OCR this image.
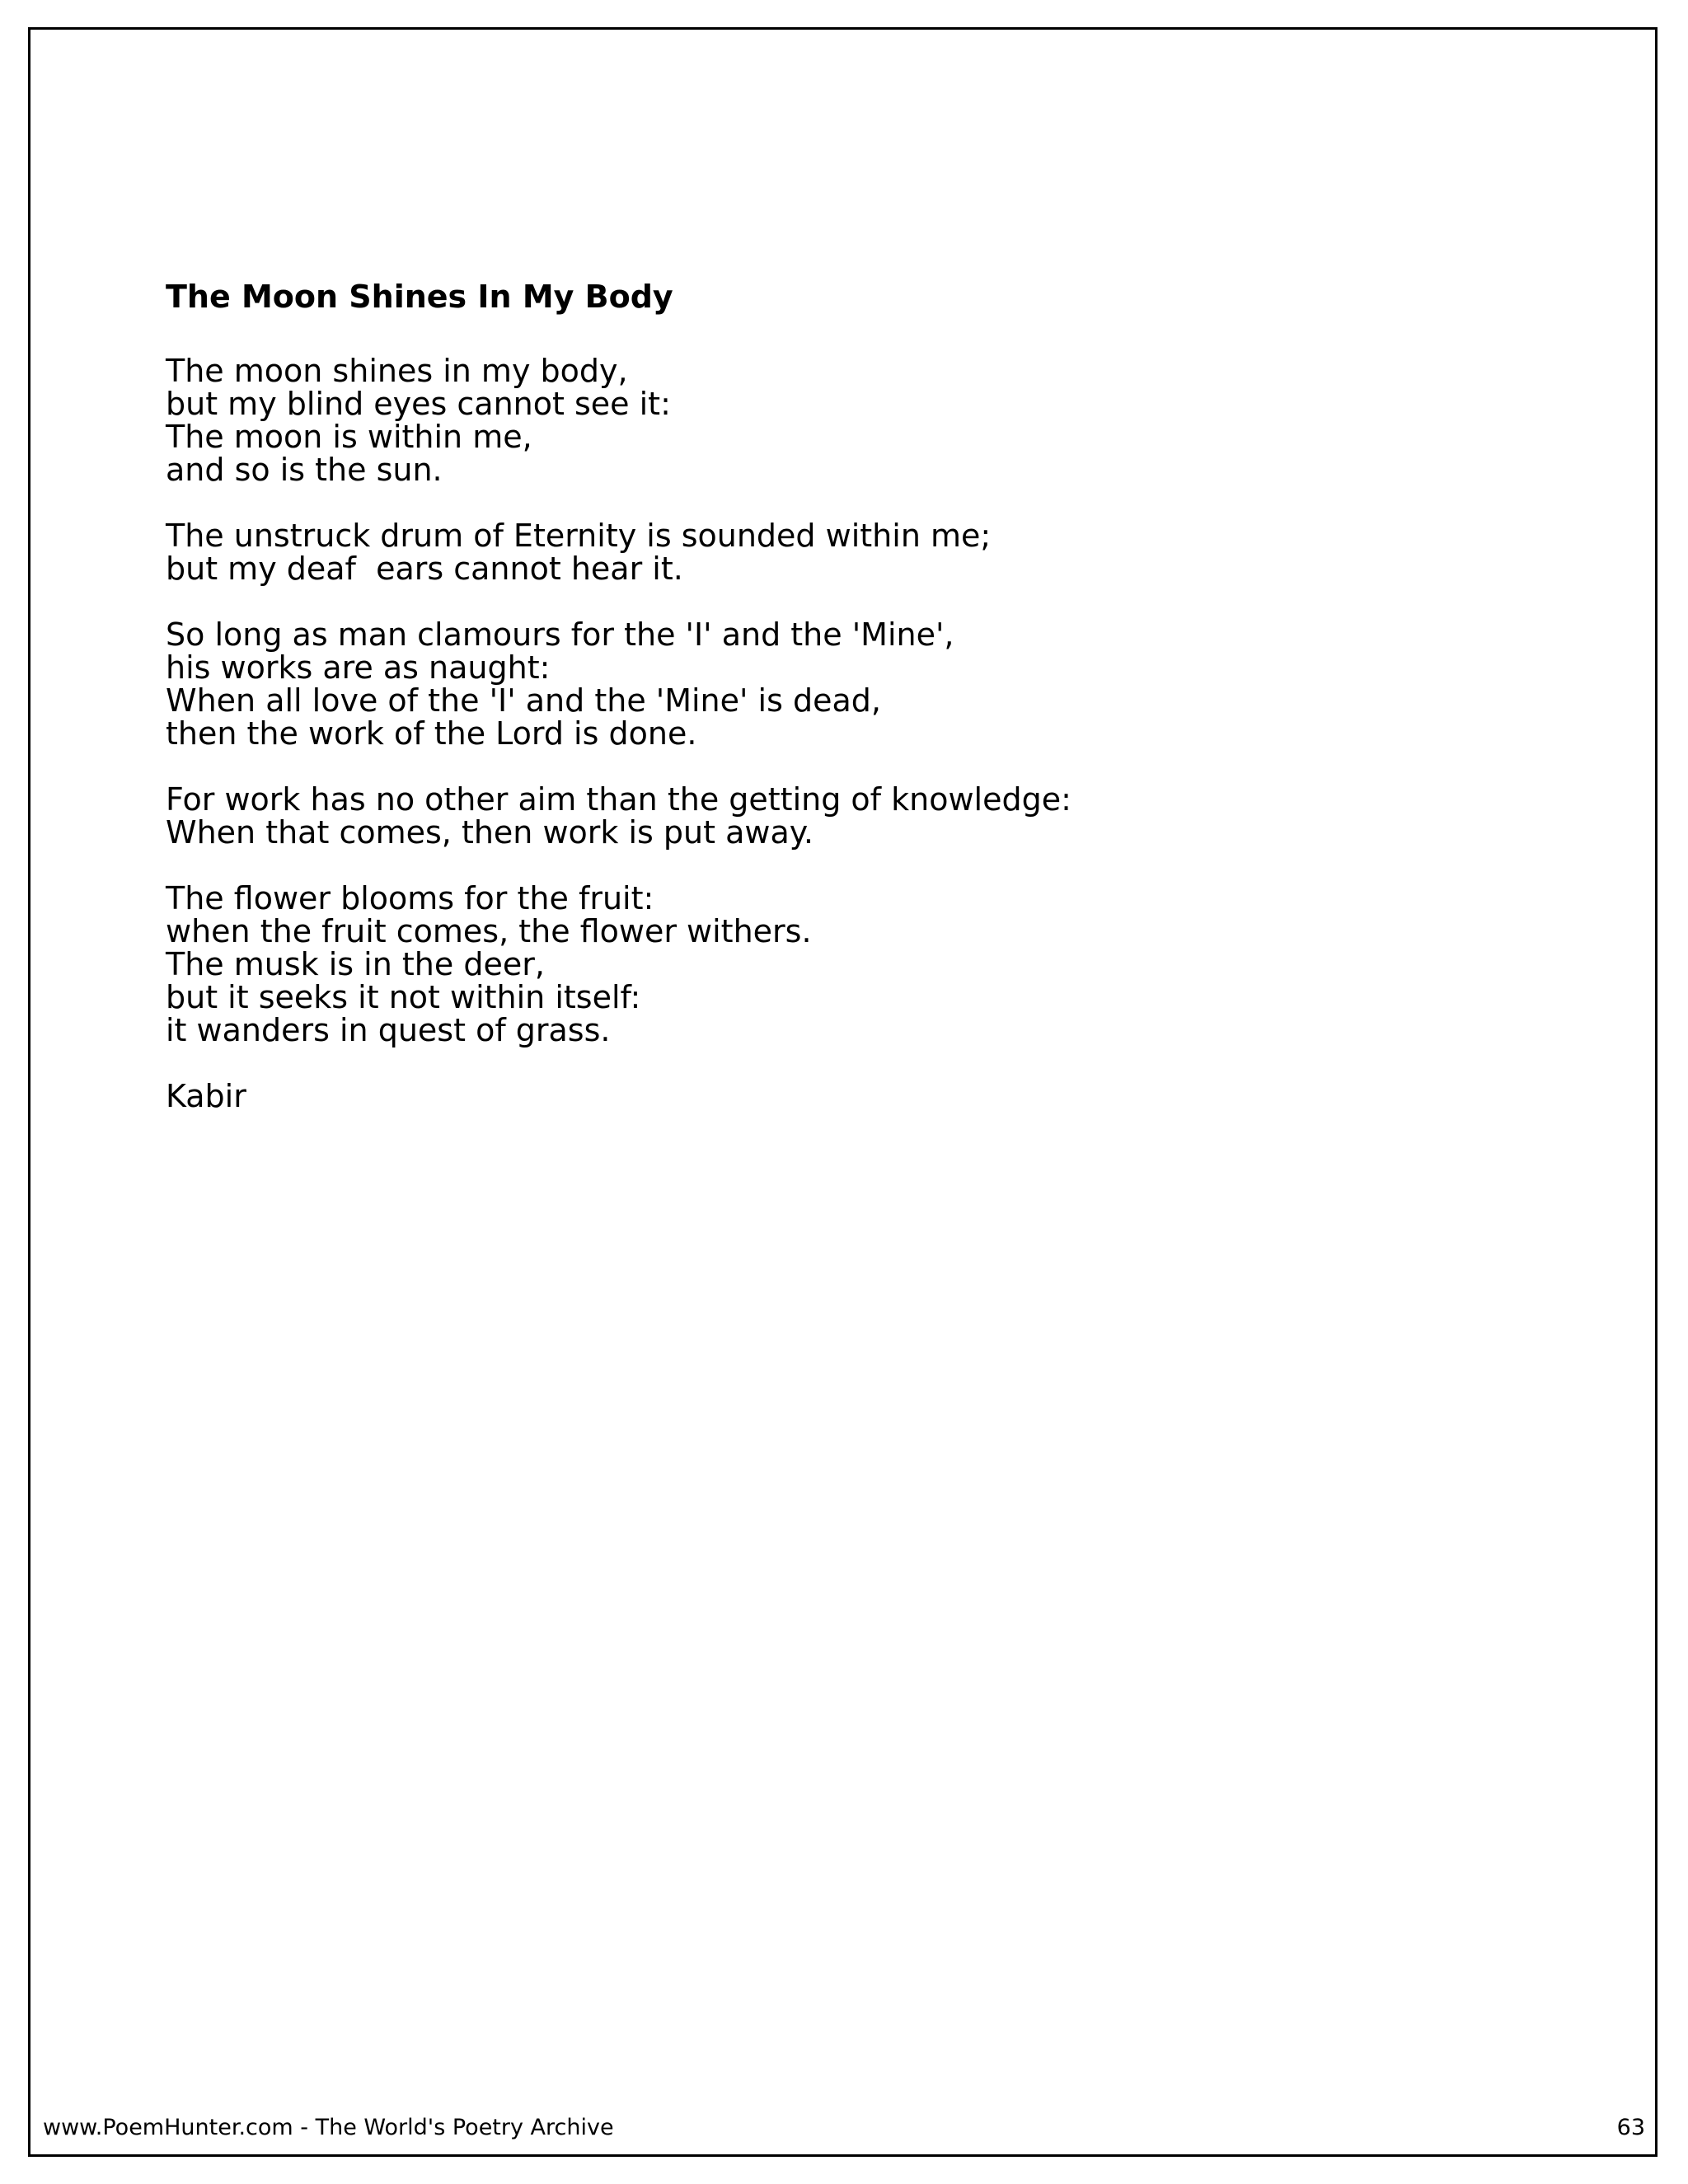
The Moon Shines In My Body
The moon shines in my body,
but my blind eyes cannot see it:
The moon is within me,
and so is the sun.
The unstruck drum of Eternity is sounded within me;
but my deaf  ears cannot hear it.
So long as man clamours for the 'I' and the 'Mine',
his works are as naught:
When all love of the 'I' and the 'Mine' is dead,
then the work of the Lord is done.
For work has no other aim than the getting of knowledge:
When that comes, then work is put away.
The flower blooms for the fruit:
when the fruit comes, the flower withers.
The musk is in the deer,
but it seeks it not within itself:
it wanders in quest of grass.
Kabir
www.PoemHunter.com - The World's Poetry Archive	63
